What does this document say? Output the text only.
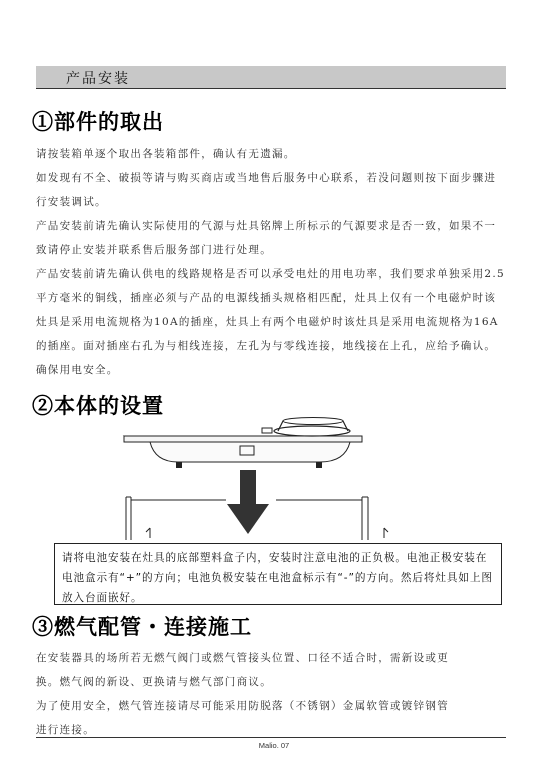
产品安装
①部件的取出

请按装箱单逐个取出各装箱部件，确认有无遗漏。

如发现有不全、破损等请与购买商店或当地售后服务中心联系，若没问题则按下面步骤进行安装调试。

产品安装前请先确认实际使用的气源与灶具铭牌上所标示的气源要求是否一致，如果不一致请停止安装并联系售后服务部门进行处理。

产品安装前请先确认供电的线路规格是否可以承受电灶的用电功率，我们要求单独采用2.5平方毫米的铜线，插座必须与产品的电源线插头规格相匹配，灶具上仅有一个电磁炉时该灶具是采用电流规格为10A的插座，灶具上有两个电磁炉时该灶具是采用电流规格为16A的插座。面对插座右孔为与相线连接，左孔为与零线连接，地线接在上孔，应给予确认。确保用电安全。

②本体的设置
请将电池安装在灶具的底部塑料盒子内，安装时注意电池的正负极。电池正极安装在电池盒示有“+”的方向；电池负极安装在电池盒标示有“-”的方向。然后将灶具如上图放入台面嵌好。
③燃气配管・连接施工

在安装器具的场所若无燃气阀门或燃气管接头位置、口径不适合时，需新设或更换。燃气阀的新设、更换请与燃气部门商议。

为了使用安全，燃气管连接请尽可能采用防脱落（不锈钢）金属软管或镀锌钢管进行连接。

Malio. 07
